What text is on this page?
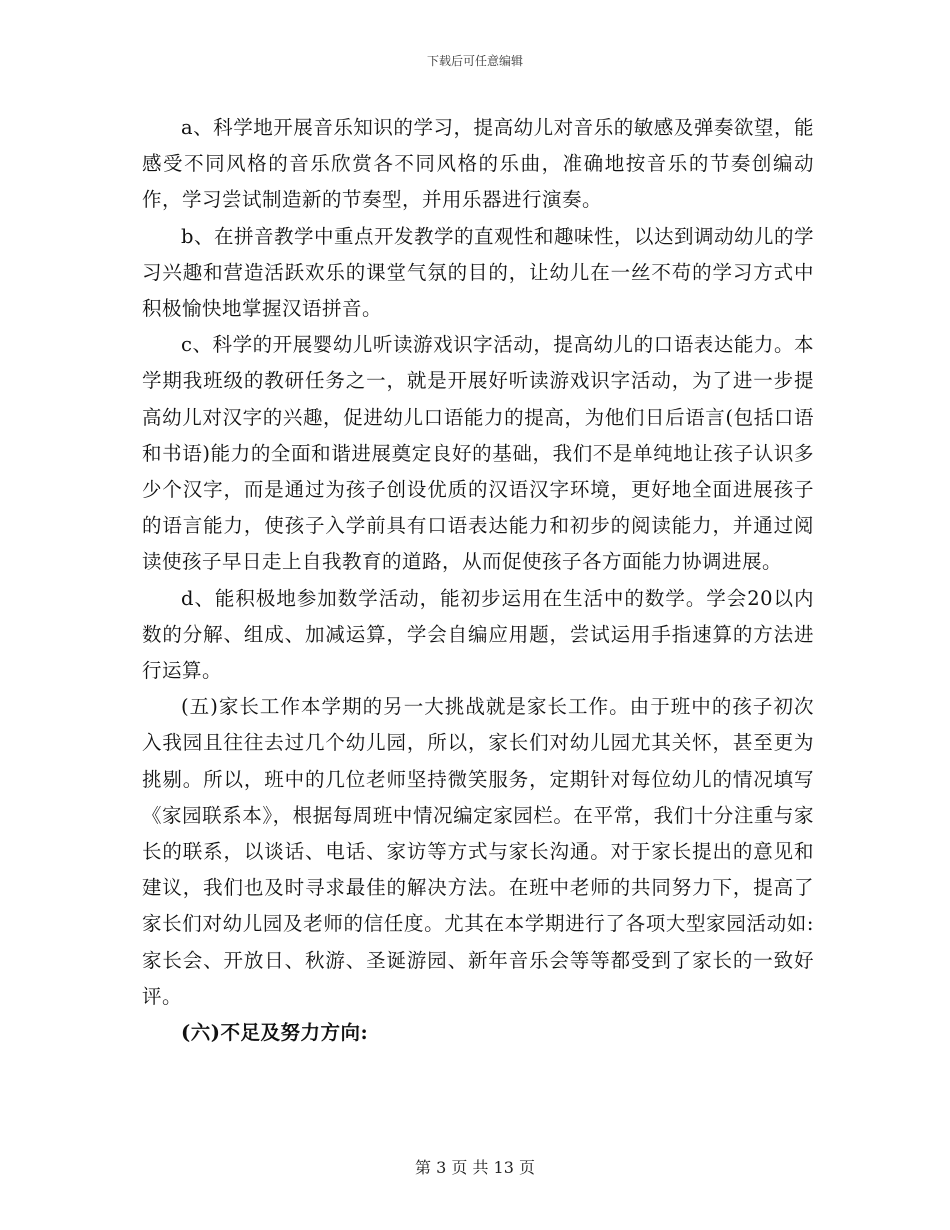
下载后可任意编辑

a、科学地开展音乐知识的学习，提高幼儿对音乐的敏感及弹奏欲望，能感受不同风格的音乐欣赏各不同风格的乐曲，准确地按音乐的节奏创编动作，学习尝试制造新的节奏型，并用乐器进行演奏。

b、在拼音教学中重点开发教学的直观性和趣味性，以达到调动幼儿的学习兴趣和营造活跃欢乐的课堂气氛的目的，让幼儿在一丝不苟的学习方式中积极愉快地掌握汉语拼音。

c、科学的开展婴幼儿听读游戏识字活动，提高幼儿的口语表达能力。本学期我班级的教研任务之一，就是开展好听读游戏识字活动，为了进一步提高幼儿对汉字的兴趣，促进幼儿口语能力的提高，为他们日后语言(包括口语和书语)能力的全面和谐进展奠定良好的基础，我们不是单纯地让孩子认识多少个汉字，而是通过为孩子创设优质的汉语汉字环境，更好地全面进展孩子的语言能力，使孩子入学前具有口语表达能力和初步的阅读能力，并通过阅读使孩子早日走上自我教育的道路，从而促使孩子各方面能力协调进展。

d、能积极地参加数学活动，能初步运用在生活中的数学。学会20以内数的分解、组成、加减运算，学会自编应用题，尝试运用手指速算的方法进行运算。

(五)家长工作本学期的另一大挑战就是家长工作。由于班中的孩子初次入我园且往往去过几个幼儿园，所以，家长们对幼儿园尤其关怀，甚至更为挑剔。所以，班中的几位老师坚持微笑服务，定期针对每位幼儿的情况填写《家园联系本》，根据每周班中情况编定家园栏。在平常，我们十分注重与家长的联系，以谈话、电话、家访等方式与家长沟通。对于家长提出的意见和建议，我们也及时寻求最佳的解决方法。在班中老师的共同努力下，提高了家长们对幼儿园及老师的信任度。尤其在本学期进行了各项大型家园活动如:家长会、开放日、秋游、圣诞游园、新年音乐会等等都受到了家长的一致好评。

(六)不足及努力方向:

第 3 页 共 13 页
